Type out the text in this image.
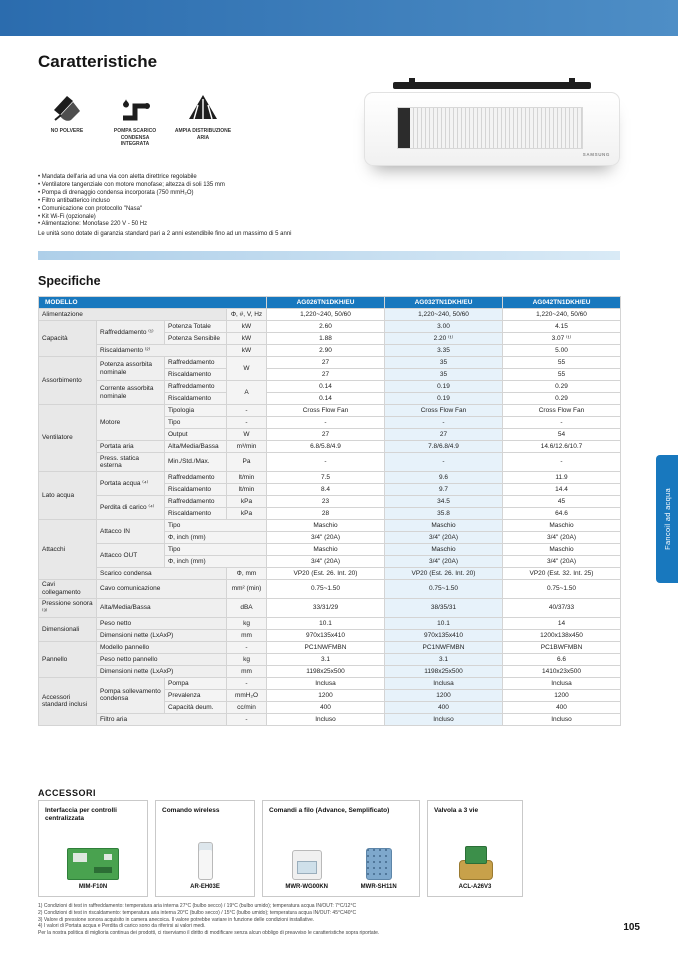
Caratteristiche
NO POLVERE	POMPA SCARICO CONDENSA INTEGRATA
AMPIA DISTRIBUZIONE ARIA
SAMSUNG
• Mandata dell'aria ad una via con aletta direttrice regolabile
• Ventilatore tangenziale con motore monofase; altezza di soli 135 mm
• Pompa di drenaggio condensa incorporata (750 mmH₂O)
• Filtro antibatterico incluso
• Comunicazione con protocollo "Nasa"
• Kit Wi-Fi (opzionale)
• Alimentazione: Monofase 220 V - 50 Hz
Le unità sono dotate di garanzia standard pari a 2 anni estendibile fino ad un massimo di 5 anni
Specifiche
MODELLO				AG026TN1DKH/EU	AG032TN1DKH/EU	AG042TN1DKH/EU
Alimentazione			Φ, #, V, Hz	1,220~240, 50/60	1,220~240, 50/60	1,220~240, 50/60
Capacità	Raffreddamento ⁽¹⁾	Potenza Totale	kW	2.60	3.00	4.15
		Potenza Sensibile	kW	1.88	2.20 ⁽¹⁾	3.07 ⁽¹⁾
	Riscaldamento ⁽²⁾		kW	2.90	3.35	5.00
Assorbimento	Potenza assorbita nominale	Raffreddamento	W	27	35	55
		Riscaldamento		27	35	55
	Corrente assorbita nominale	Raffreddamento	A	0.14	0.19	0.29
		Riscaldamento		0.14	0.19	0.29
Ventilatore	Motore	Tipologia	-	Cross Flow Fan	Cross Flow Fan	Cross Flow Fan
		Tipo	-	-	-	-
		Output	W	27	27	54
	Portata aria	Alta/Media/Bassa	m³/min	6.8/5.8/4.9	7.8/6.8/4.9	14.6/12.6/10.7
	Press. statica esterna	Min./Std./Max.	Pa	-	-	-
Lato acqua	Portata acqua ⁽⁴⁾	Raffreddamento	lt/min	7.5	9.6	11.9
		Riscaldamento	lt/min	8.4	9.7	14.4
	Perdita di carico ⁽⁴⁾	Raffreddamento	kPa	23	34.5	45
		Riscaldamento	kPa	28	35.8	64.6
Attacchi	Attacco IN	Tipo		Maschio	Maschio	Maschio
		Φ, inch (mm)		3/4" (20A)	3/4" (20A)	3/4" (20A)
	Attacco OUT	Tipo		Maschio	Maschio	Maschio
		Φ, inch (mm)		3/4" (20A)	3/4" (20A)	3/4" (20A)
	Scarico condensa		Φ, mm	VP20 (Est. 26. Int. 20)	VP20 (Est. 26. Int. 20)	VP20 (Est. 32. Int. 25)
Cavi collegamento	Cavo comunicazione		mm² (min)	0.75~1.50	0.75~1.50	0.75~1.50
Pressione sonora ⁽³⁾	Alta/Media/Bassa		dBA	33/31/29	38/35/31	40/37/33
Dimensionali	Peso netto		kg	10.1	10.1	14
	Dimensioni nette (LxAxP)		mm	970x135x410	970x135x410	1200x138x450
Pannello	Modello pannello		-	PC1NWFMBN	PC1NWFMBN	PC1BWFMBN
	Peso netto pannello		kg	3.1	3.1	6.6
	Dimensioni nette (LxAxP)		mm	1198x25x500	1198x25x500	1410x23x500
Accessori standard inclusi	Pompa sollevamento condensa	Pompa	-	Inclusa	Inclusa	Inclusa
		Prevalenza	mmH₂O	1200	1200	1200
		Capacità deum.	cc/min	400	400	400
	Filtro aria		-	Incluso	Incluso	Incluso
ACCESSORI
Interfaccia per controlli centralizzata
MIM-F10N
Comando wireless
AR-EH03E
Comandi a filo (Advance, Semplificato)
MWR-WG00KN	MWR-SH11N
Valvola a 3 vie
ACL-A26V3
1) Condizioni di test in raffreddamento: temperatura aria interna 27°C (bulbo secco) / 19°C (bulbo umido); temperatura acqua IN/OUT: 7°C/12°C
2) Condizioni di test in riscaldamento: temperatura aria interna 20°C (bulbo secco) / 15°C (bulbo umido); temperatura acqua IN/OUT: 45°C/40°C
3) Valore di pressione sonora acquisito in camera anecoica. Il valore potrebbe variare in funzione delle condizioni installative.
4) I valori di Portata acqua e Perdita di carico sono da riferirsi ai valori medi.
Per la nostra politica di miglioria continua dei prodotti, ci riserviamo il diritto di modificare senza alcun obbligo di preavviso le caratteristiche sopra riportate.	105
Fancoil ad acqua
